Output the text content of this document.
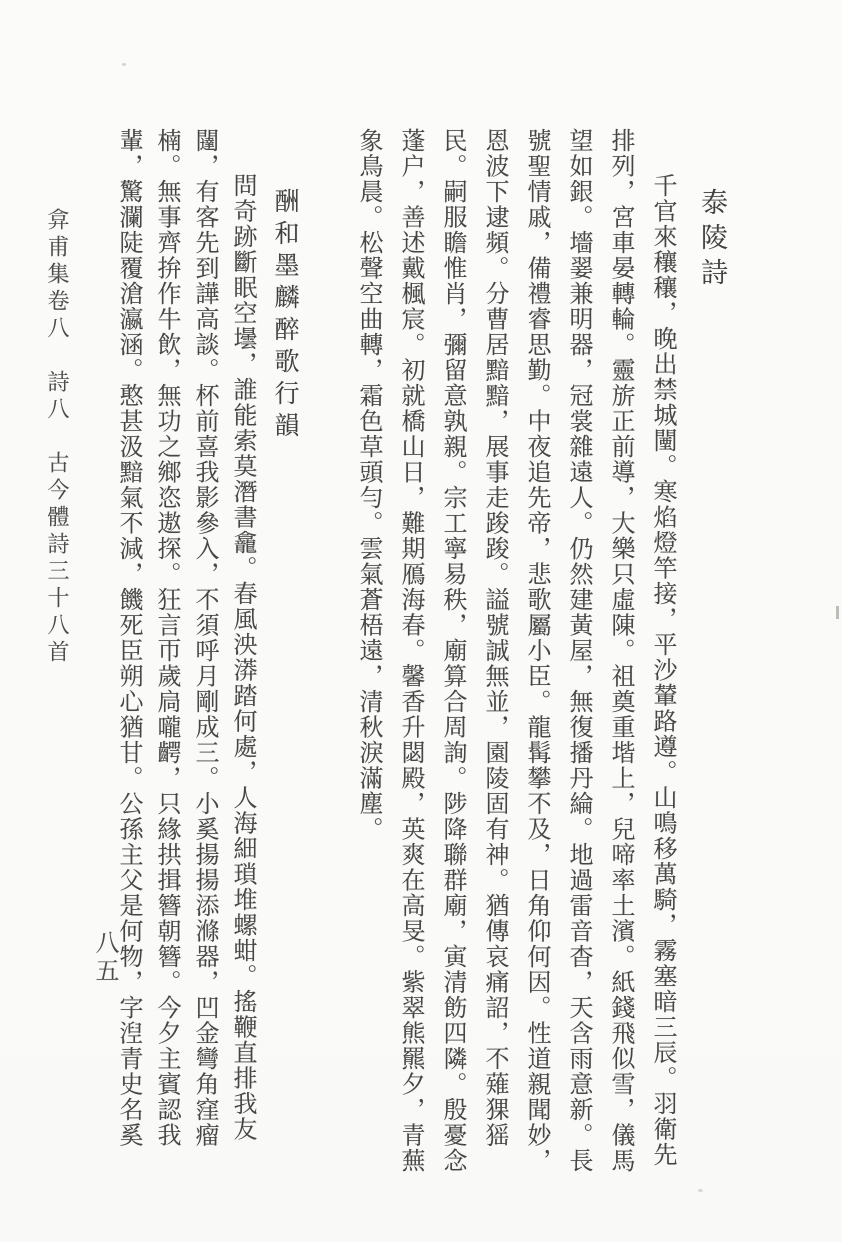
泰陵詩
千官來穰穰，晚出禁城闉。寒焰燈竿接，平沙輦路遵。山鳴移萬騎，霧塞暗三辰。羽衛先
排列，宮車晏轉輪。靈旂正前導，大樂只虛陳。祖奠重堦上，兒啼率土濱。紙錢飛似雪，儀馬
望如銀。墻翣兼明器，冠裳雜遠人。仍然建黃屋，無復播丹綸。地過雷音杳，天含雨意新。長
號聖情戚，備禮睿思勤。中夜追先帝，悲歌屬小臣。龍髯攀不及，日角仰何因。性道親聞妙，
恩波下逮頻。分曹居黯黯，展事走踆踆。謚號誠無並，園陵固有神。猶傳哀痛詔，不薙猓猺
民。嗣服瞻惟肖，彌留意孰親。宗工寧易秩，廟算合周詢。陟降聯群廟，寅清飭四隣。殷憂念
蓬户，善述戴楓宸。初就橋山日，難期鴈海春。馨香升閟殿，英爽在高旻。紫翠熊羆夕，青蕪
象鳥晨。松聲空曲轉，霜色草頭勻。雲氣蒼梧遠，清秋淚滿塵。
酬和墨麟醉歌行韻
問奇跡斷眠空壜，誰能索莫潛書龕。春風泱漭踏何處，人海細瑣堆螺蚶。搖鞭直排我友
闥，有客先到譁高談。杯前喜我影參入，不須呼月剛成三。小奚揚揚添滌器，凹金彎角窪瘤
楠。無事齊拚作牛飲，無功之鄉恣遨探。狂言帀歲扃嚨齶，只緣拱揖簪朝簪。今夕主賓認我
輩，驚瀾陡覆滄瀛涵。憨甚汲黯氣不減，饑死臣朔心猶甘。公孫主父是何物，字湼青史名奚
弇甫集卷八　詩八　古今體詩三十八首
八五
